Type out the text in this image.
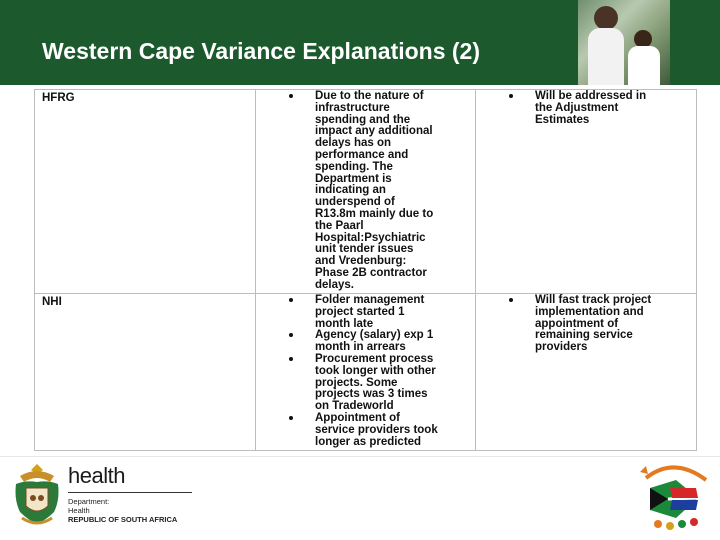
Western Cape Variance Explanations (2)
HFRG	Due to the nature of
infrastructure
spending and the
impact any additional
delays has on
performance and
spending. The
Department is
indicating an
underspend of
R13.8m mainly due to
the Paarl
Hospital:Psychiatric
unit tender issues
and Vredenburg:
Phase 2B contractor
delays.
Will be addressed in
the Adjustment
Estimates
NHI	Folder management
project started 1
month late
Agency (salary) exp 1
month in arrears
Procurement process
took longer with other
projects. Some
projects was 3 times
on Tradeworld
Appointment of
service providers took
longer as predicted
Will fast track project
implementation and
appointment of
remaining service
providers
health
Department:
Health
REPUBLIC OF SOUTH AFRICA
